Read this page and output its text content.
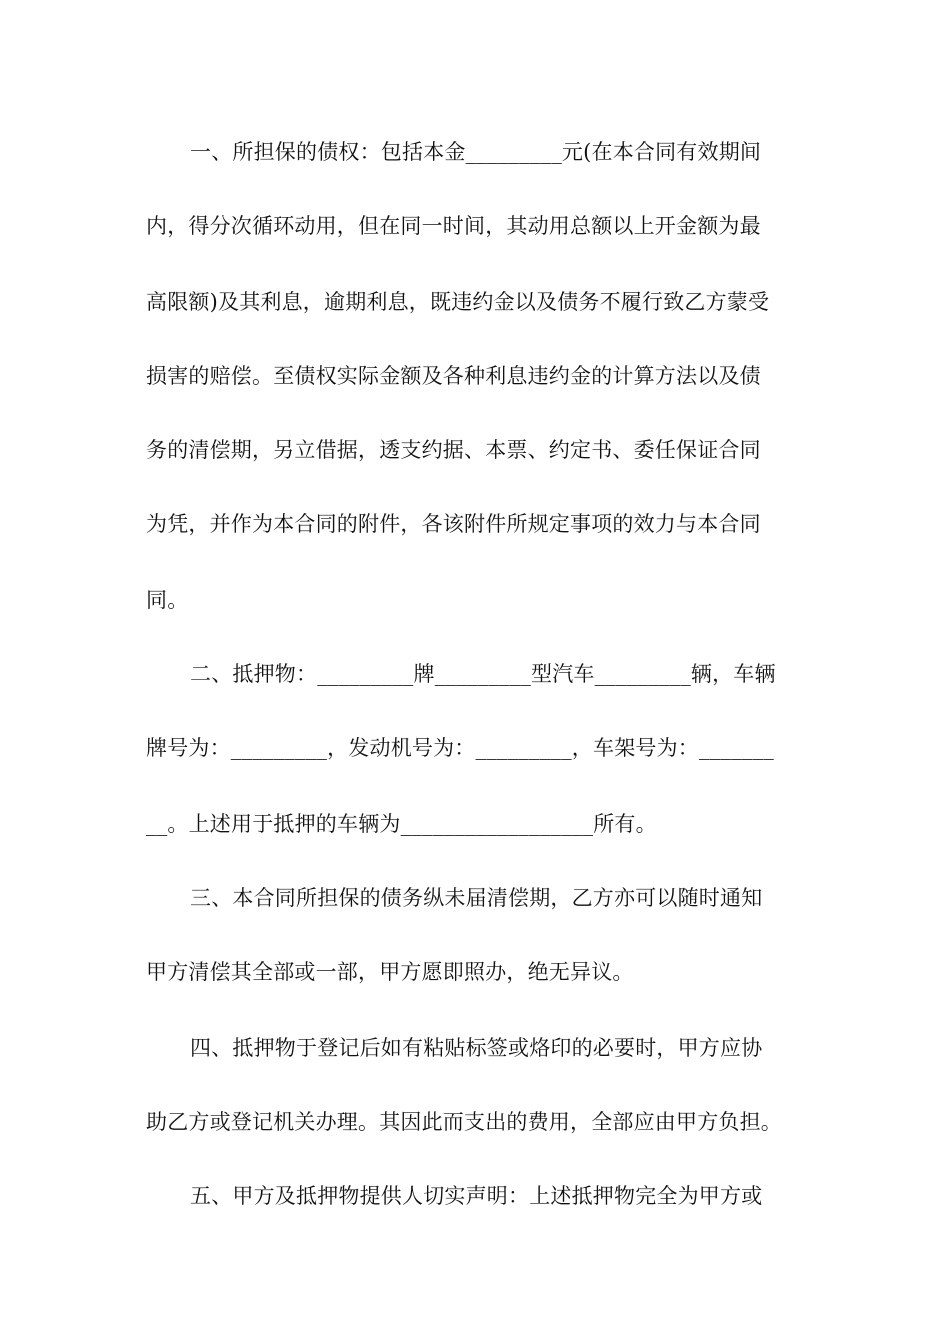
一、所担保的债权：包括本金_________元(在本合同有效期间
内，得分次循环动用，但在同一时间，其动用总额以上开金额为最
高限额)及其利息，逾期利息，既违约金以及债务不履行致乙方蒙受
损害的赔偿。至债权实际金额及各种利息违约金的计算方法以及债
务的清偿期，另立借据，透支约据、本票、约定书、委任保证合同
为凭，并作为本合同的附件，各该附件所规定事项的效力与本合同
同。
二、抵押物：_________牌_________型汽车_________辆，车辆
牌号为：_________，发动机号为：_________，车架号为：_______
__。上述用于抵押的车辆为__________________所有。
三、本合同所担保的债务纵未届清偿期，乙方亦可以随时通知
甲方清偿其全部或一部，甲方愿即照办，绝无异议。
四、抵押物于登记后如有粘贴标签或烙印的必要时，甲方应协
助乙方或登记机关办理。其因此而支出的费用，全部应由甲方负担。
五、甲方及抵押物提供人切实声明：上述抵押物完全为甲方或
